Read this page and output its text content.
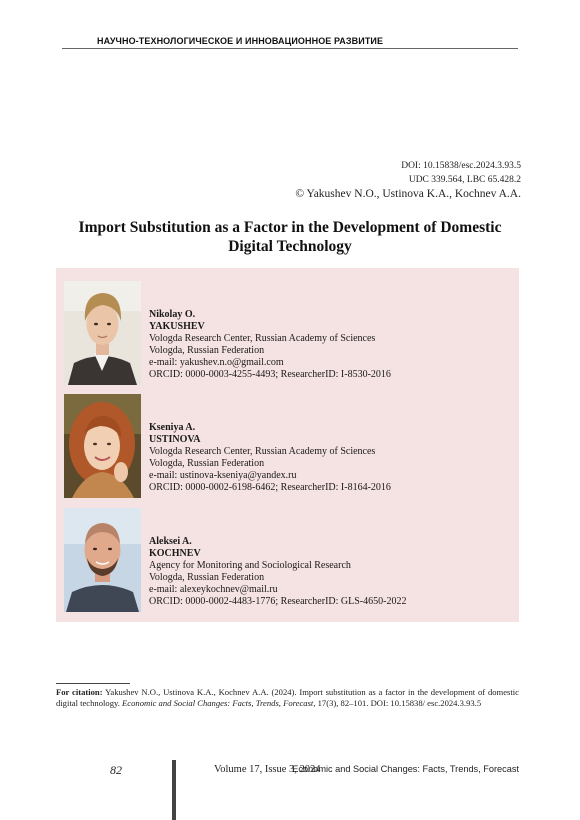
НАУЧНО-ТЕХНОЛОГИЧЕСКОЕ И ИННОВАЦИОННОЕ РАЗВИТИЕ
DOI: 10.15838/esc.2024.3.93.5
UDC 339.564, LBC 65.428.2
© Yakushev N.O., Ustinova K.A., Kochnev A.A.
Import Substitution as a Factor in the Development of Domestic
Digital Technology
Nikolay O.
YAKUSHEV
Vologda Research Center, Russian Academy of Sciences
Vologda, Russian Federation
e-mail: yakushev.n.o@gmail.com
ORCID: 0000-0003-4255-4493; ResearcherID: I-8530-2016
Kseniya A.
USTINOVA
Vologda Research Center, Russian Academy of Sciences
Vologda, Russian Federation
e-mail: ustinova-kseniya@yandex.ru
ORCID: 0000-0002-6198-6462; ResearcherID: I-8164-2016
Aleksei A.
KOCHNEV
Agency for Monitoring and Sociological Research
Vologda, Russian Federation
e-mail: alexeykochnev@mail.ru
ORCID: 0000-0002-4483-1776; ResearcherID: GLS-4650-2022
For citation: Yakushev N.O., Ustinova K.A., Kochnev A.A. (2024). Import substitution as a factor in the development of domestic digital technology. Economic and Social Changes: Facts, Trends, Forecast, 17(3), 82–101. DOI: 10.15838/ esc.2024.3.93.5
82	Volume 17, Issue 3, 2024
Economic and Social Changes: Facts, Trends, Forecast
